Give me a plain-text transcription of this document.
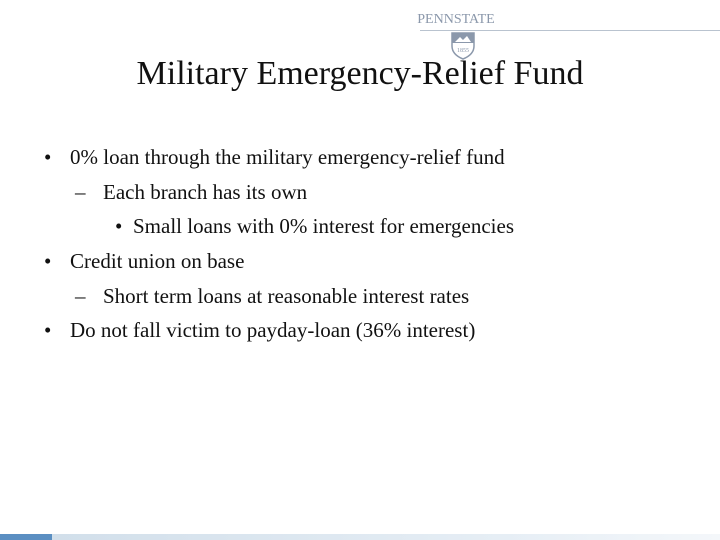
PENNSTATE
1855
Military Emergency-Relief Fund
• 0% loan through the military emergency-relief fund
– Each branch has its own
• Small loans with 0% interest for emergencies
• Credit union on base
– Short term loans at reasonable interest rates
• Do not fall victim to payday-loan (36% interest)
